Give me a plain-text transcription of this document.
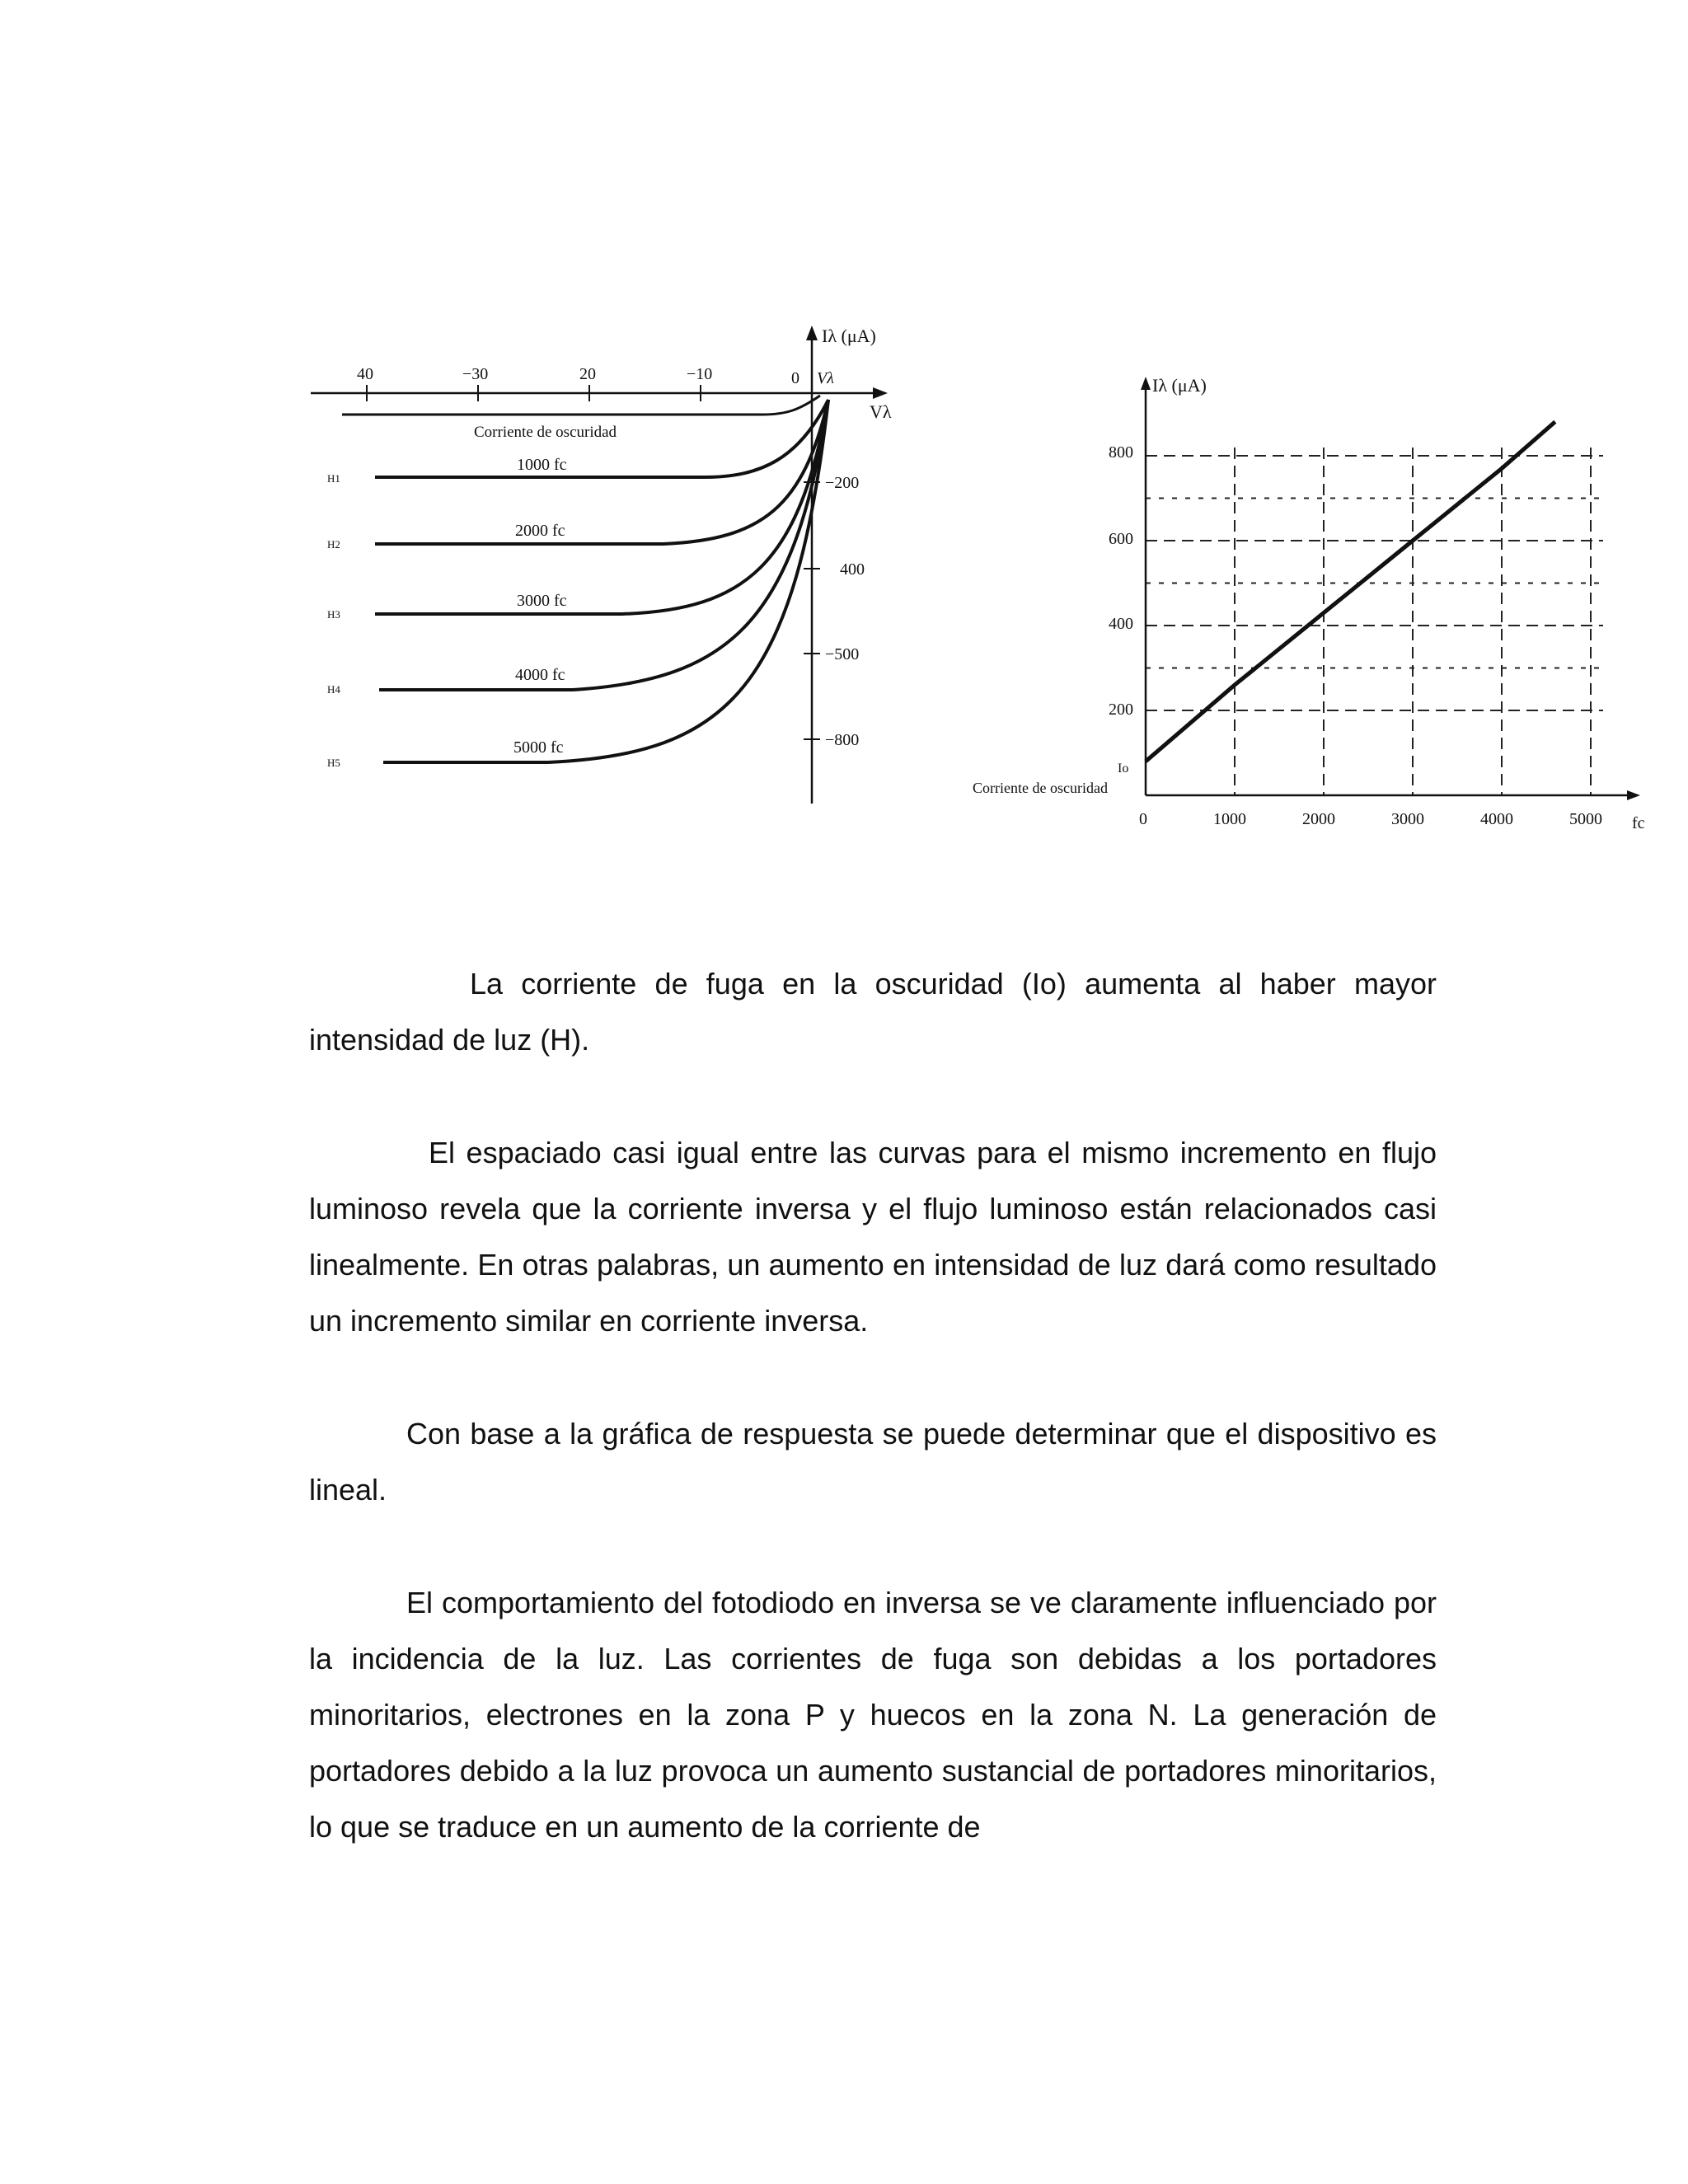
Iλ (μA)
Vλ
Vλ
40	−30	20	−10	0
−200
400
−500
−800
Corriente de oscuridad
1000 fc
2000 fc
3000 fc
4000 fc
5000 fc
H1
H2
H3
H4
H5
Iλ (μA)
fc
800
600
400
200
0	1000	2000	3000	4000	5000
Io
Corriente de oscuridad

La corriente de fuga en la oscuridad (Io) aumenta al haber mayor intensidad de luz (H).

El espaciado casi igual entre las curvas para el mismo incremento en flujo luminoso revela que la corriente inversa y el flujo luminoso están relacionados casi linealmente. En otras palabras, un aumento en intensidad de luz dará como resultado un incremento similar en corriente inversa.

Con base a la gráfica de respuesta se puede determinar que el dispositivo es lineal.

El comportamiento del fotodiodo en inversa se ve claramente influenciado por la incidencia de la luz. Las corrientes de fuga son debidas a los portadores minoritarios, electrones en la zona P y huecos en la zona N. La generación de portadores debido a la luz provoca un aumento sustancial de portadores minoritarios, lo que se traduce en un aumento de la corriente de
